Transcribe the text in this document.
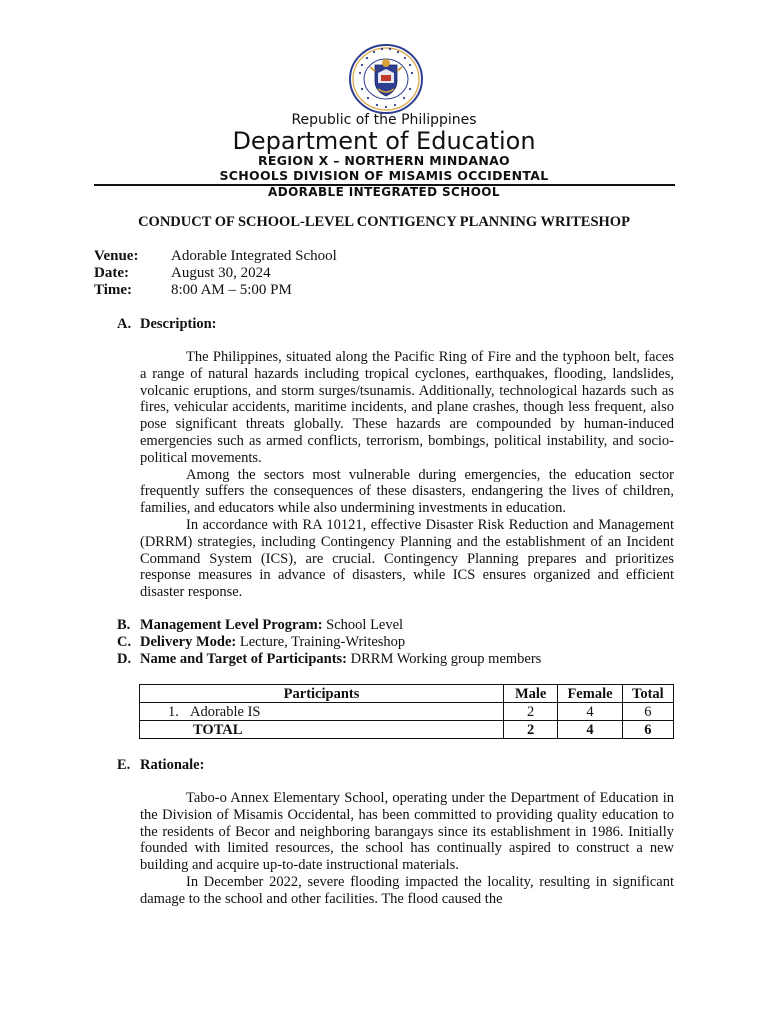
Republic of the Philippines
Department of Education
REGION X – NORTHERN MINDANAO
SCHOOLS DIVISION OF MISAMIS OCCIDENTAL
ADORABLE INTEGRATED SCHOOL
CONDUCT OF SCHOOL-LEVEL CONTIGENCY PLANNING WRITESHOP
Venue: Adorable Integrated School
Date:	August 30, 2024
Time:	8:00 AM – 5:00 PM
A. Description:

The Philippines, situated along the Pacific Ring of Fire and the typhoon belt, faces a range of natural hazards including tropical cyclones, earthquakes, flooding, landslides, volcanic eruptions, and storm surges/tsunamis. Additionally, technological hazards such as fires, vehicular accidents, maritime incidents, and plane crashes, though less frequent, also pose significant threats globally. These hazards are compounded by human-induced emergencies such as armed conflicts, terrorism, bombings, political instability, and socio-political movements.

Among the sectors most vulnerable during emergencies, the education sector frequently suffers the consequences of these disasters, endangering the lives of children, families, and educators while also undermining investments in education.

In accordance with RA 10121, effective Disaster Risk Reduction and Management (DRRM) strategies, including Contingency Planning and the establishment of an Incident Command System (ICS), are crucial. Contingency Planning prepares and prioritizes response measures in advance of disasters, while ICS ensures organized and efficient disaster response.

B. Management Level Program: School Level
C. Delivery Mode: Lecture, Training-Writeshop
D. Name and Target of Participants: DRRM Working group members
Participants	Male	Female	Total
1. Adorable IS	2	4	6
TOTAL	2	4	6
E. Rationale:

Tabo-o Annex Elementary School, operating under the Department of Education in the Division of Misamis Occidental, has been committed to providing quality education to the residents of Becor and neighboring barangays since its establishment in 1986. Initially founded with limited resources, the school has continually aspired to construct a new building and acquire up-to-date instructional materials.

In December 2022, severe flooding impacted the locality, resulting in significant damage to the school and other facilities. The flood caused the
